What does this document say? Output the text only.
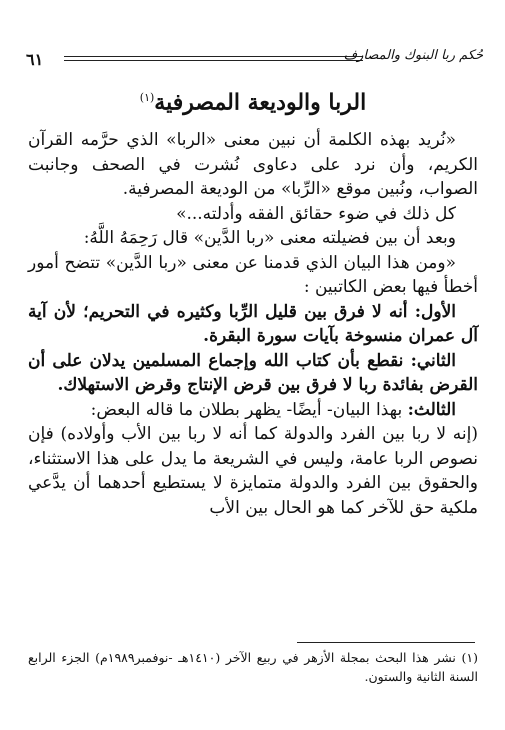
٦١	حُكم ربا البنوك والمصارف
الربا والوديعة المصرفية$^{(١)}$

«نُريد بهذه الكلمة أن نبين معنى «الربا» الذي حرَّمه القرآن الكريم، وأن نرد على دعاوى نُشرت في الصحف وجانبت الصواب، ونُبين موقع «الرِّبا» من الوديعة المصرفية.

كل ذلك في ضوء حقائق الفقه وأدلته...»

وبعد أن بين فضيلته معنى «ربا الدَّين» قال رَحِمَهُ اللَّهُ:

«ومن هذا البيان الذي قدمنا عن معنى «ربا الدَّين» تتضح أمور أخطأ فيها بعض الكاتبين :

الأول: أنه لا فرق بين قليل الرِّبا وكثيره في التحريم؛ لأن آية آل عمران منسوخة بآيات سورة البقرة.

الثاني: نقطع بأن كتاب الله وإجماع المسلمين يدلان على أن القرض بفائدة ربا لا فرق بين قرض الإنتاج وقرض الاستهلاك.

الثالث: بهذا البيان- أيضًا- يظهر بطلان ما قاله البعض:

(إنه لا ربا بين الفرد والدولة كما أنه لا ربا بين الأب وأولاده) فإن نصوص الربا عامة، وليس في الشريعة ما يدل على هذا الاستثناء، والحقوق بين الفرد والدولة متمايزة لا يستطيع أحدهما أن يدَّعي ملكية حق للآخر كما هو الحال بين الأب

(١) نشر هذا البحث بمجلة الأزهر في ربيع الآخر (١٤١٠هـ -نوفمبر١٩٨٩م) الجزء الرابع السنة الثانية والستون.
